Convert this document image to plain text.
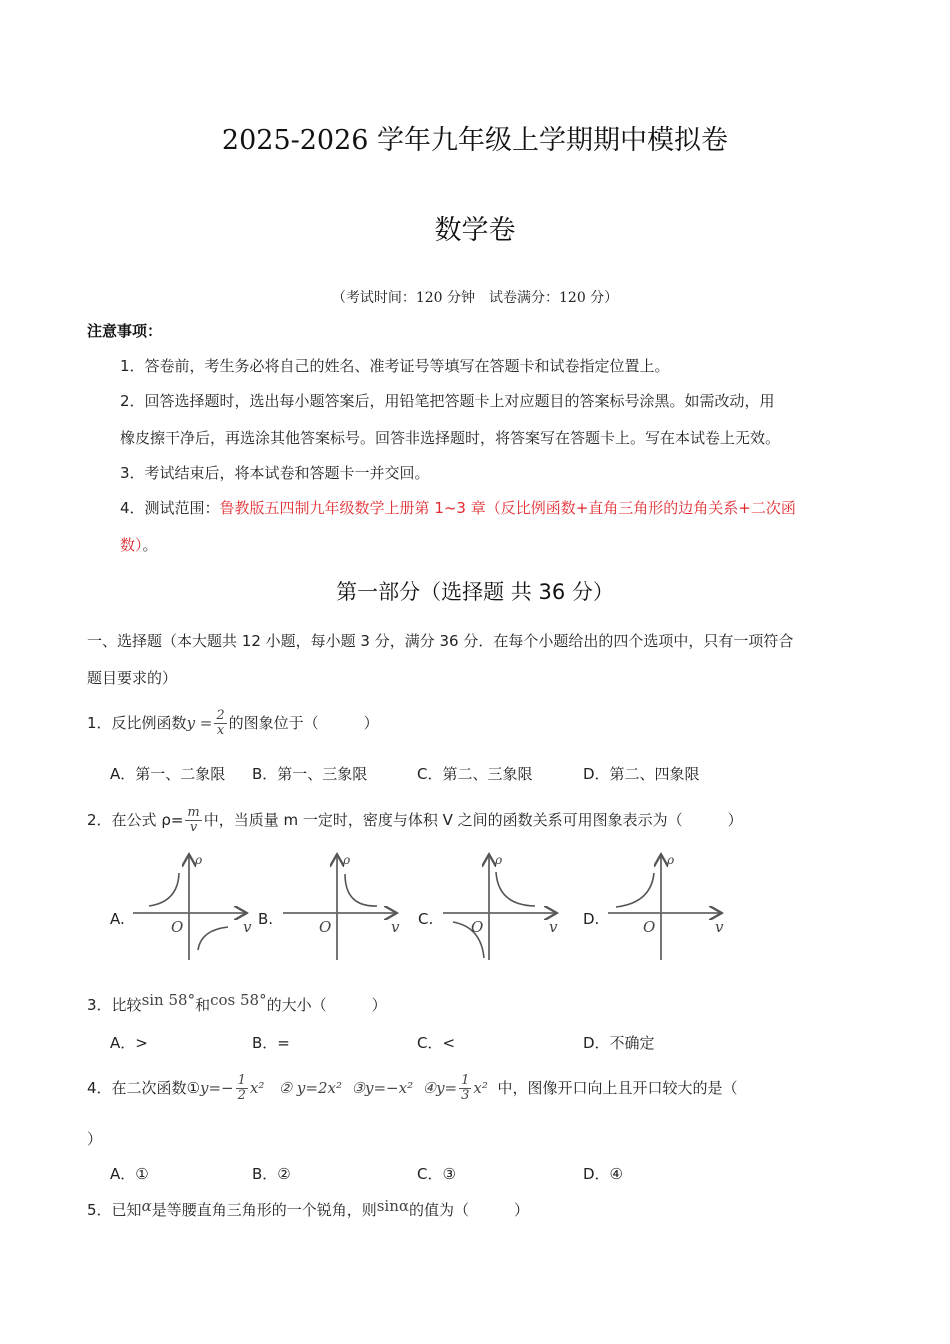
2025-2026 学年九年级上学期期中模拟卷
数学卷
（考试时间：120 分钟　试卷满分：120 分）
注意事项：
1．答卷前，考生务必将自己的姓名、准考证号等填写在答题卡和试卷指定位置上。
2．回答选择题时，选出每小题答案后，用铅笔把答题卡上对应题目的答案标号涂黑。如需改动，用
橡皮擦干净后，再选涂其他答案标号。回答非选择题时，将答案写在答题卡上。写在本试卷上无效。
3．考试结束后，将本试卷和答题卡一并交回。
4．测试范围：鲁教版五四制九年级数学上册第 1~3 章（反比例函数+直角三角形的边角关系+二次函
数）。
第一部分（选择题 共 36 分）
一、选择题（本大题共 12 小题，每小题 3 分，满分 36 分．在每个小题给出的四个选项中，只有一项符合
题目要求的）
1．反比例函数$y = \frac{2}{x}$ 的图象位于（　　　）
A．第一、二象限 B．第一、三象限	C．第二、三象限	D．第二、四象限
2．在公式 $\rho= \frac{m}{v}$ 中，当质量 m 一定时，密度与体积 V 之间的函数关系可用图象表示为（　　　）
A.
ρ
O	v B.
ρ
O	v C.
ρ
O	v D.
ρ
O	v
3．比较sin 58°和cos 58°的大小（　　　）
A．>	B．=	C．<	D．不确定
4．在二次函数①y=− $\frac{1}{2} x^2$ ② y=2x² ③y=−x² ④y= $\frac{1}{3} x^2$ 中，图像开口向上且开口较大的是（
）
A．①	B．②	C．③	D．④
5．已知α是等腰直角三角形的一个锐角，则sinα的值为（　　　）
